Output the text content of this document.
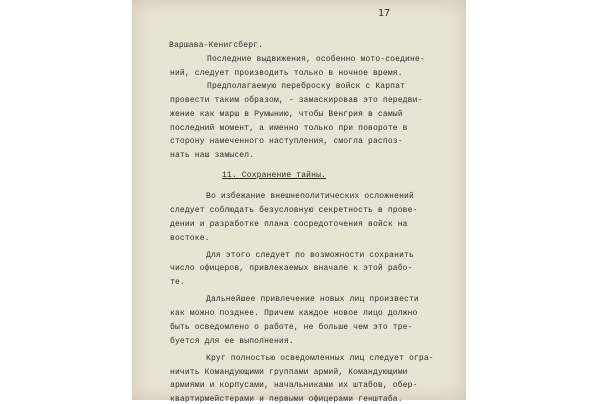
17
Варшава-Кенигсберг.
Последние выдвижения, особенно мото-соедине-
ний, следует производить только в ночное время.
Предполагаемую переброску войск с Карпат
провести таким образом, - замаскировав это передви-
жение как марш в Румынию, чтобы Венгрия в самый
последний момент, а именно только при повороте в
сторону намеченного наступления, смогла распоз-
нать наш замысел.
11. Сохранение тайны.
Во избежание внешнеполитических осложнений
следует соблюдать безусловную секретность в прове-
дении и разработке плана сосредоточения войск на
востоке.
Для этого следует по возможности сохранить
число офицеров, привлекаемых вначале к этой рабо-
те.
Дальнейшее привлечение новых лиц произвести
как можно позднее. Причем каждое новое лицо должно
быть осведомлено о работе, не больше чем это тре-
буется для ее выполнения.
Круг полностью осведомленных лиц следует огра-
ничить Командующими группами армий, Командующими
армиями и корпусами, начальниками их штабов, обер-
квартирмейстерами и первыми офицерами генштаба.
